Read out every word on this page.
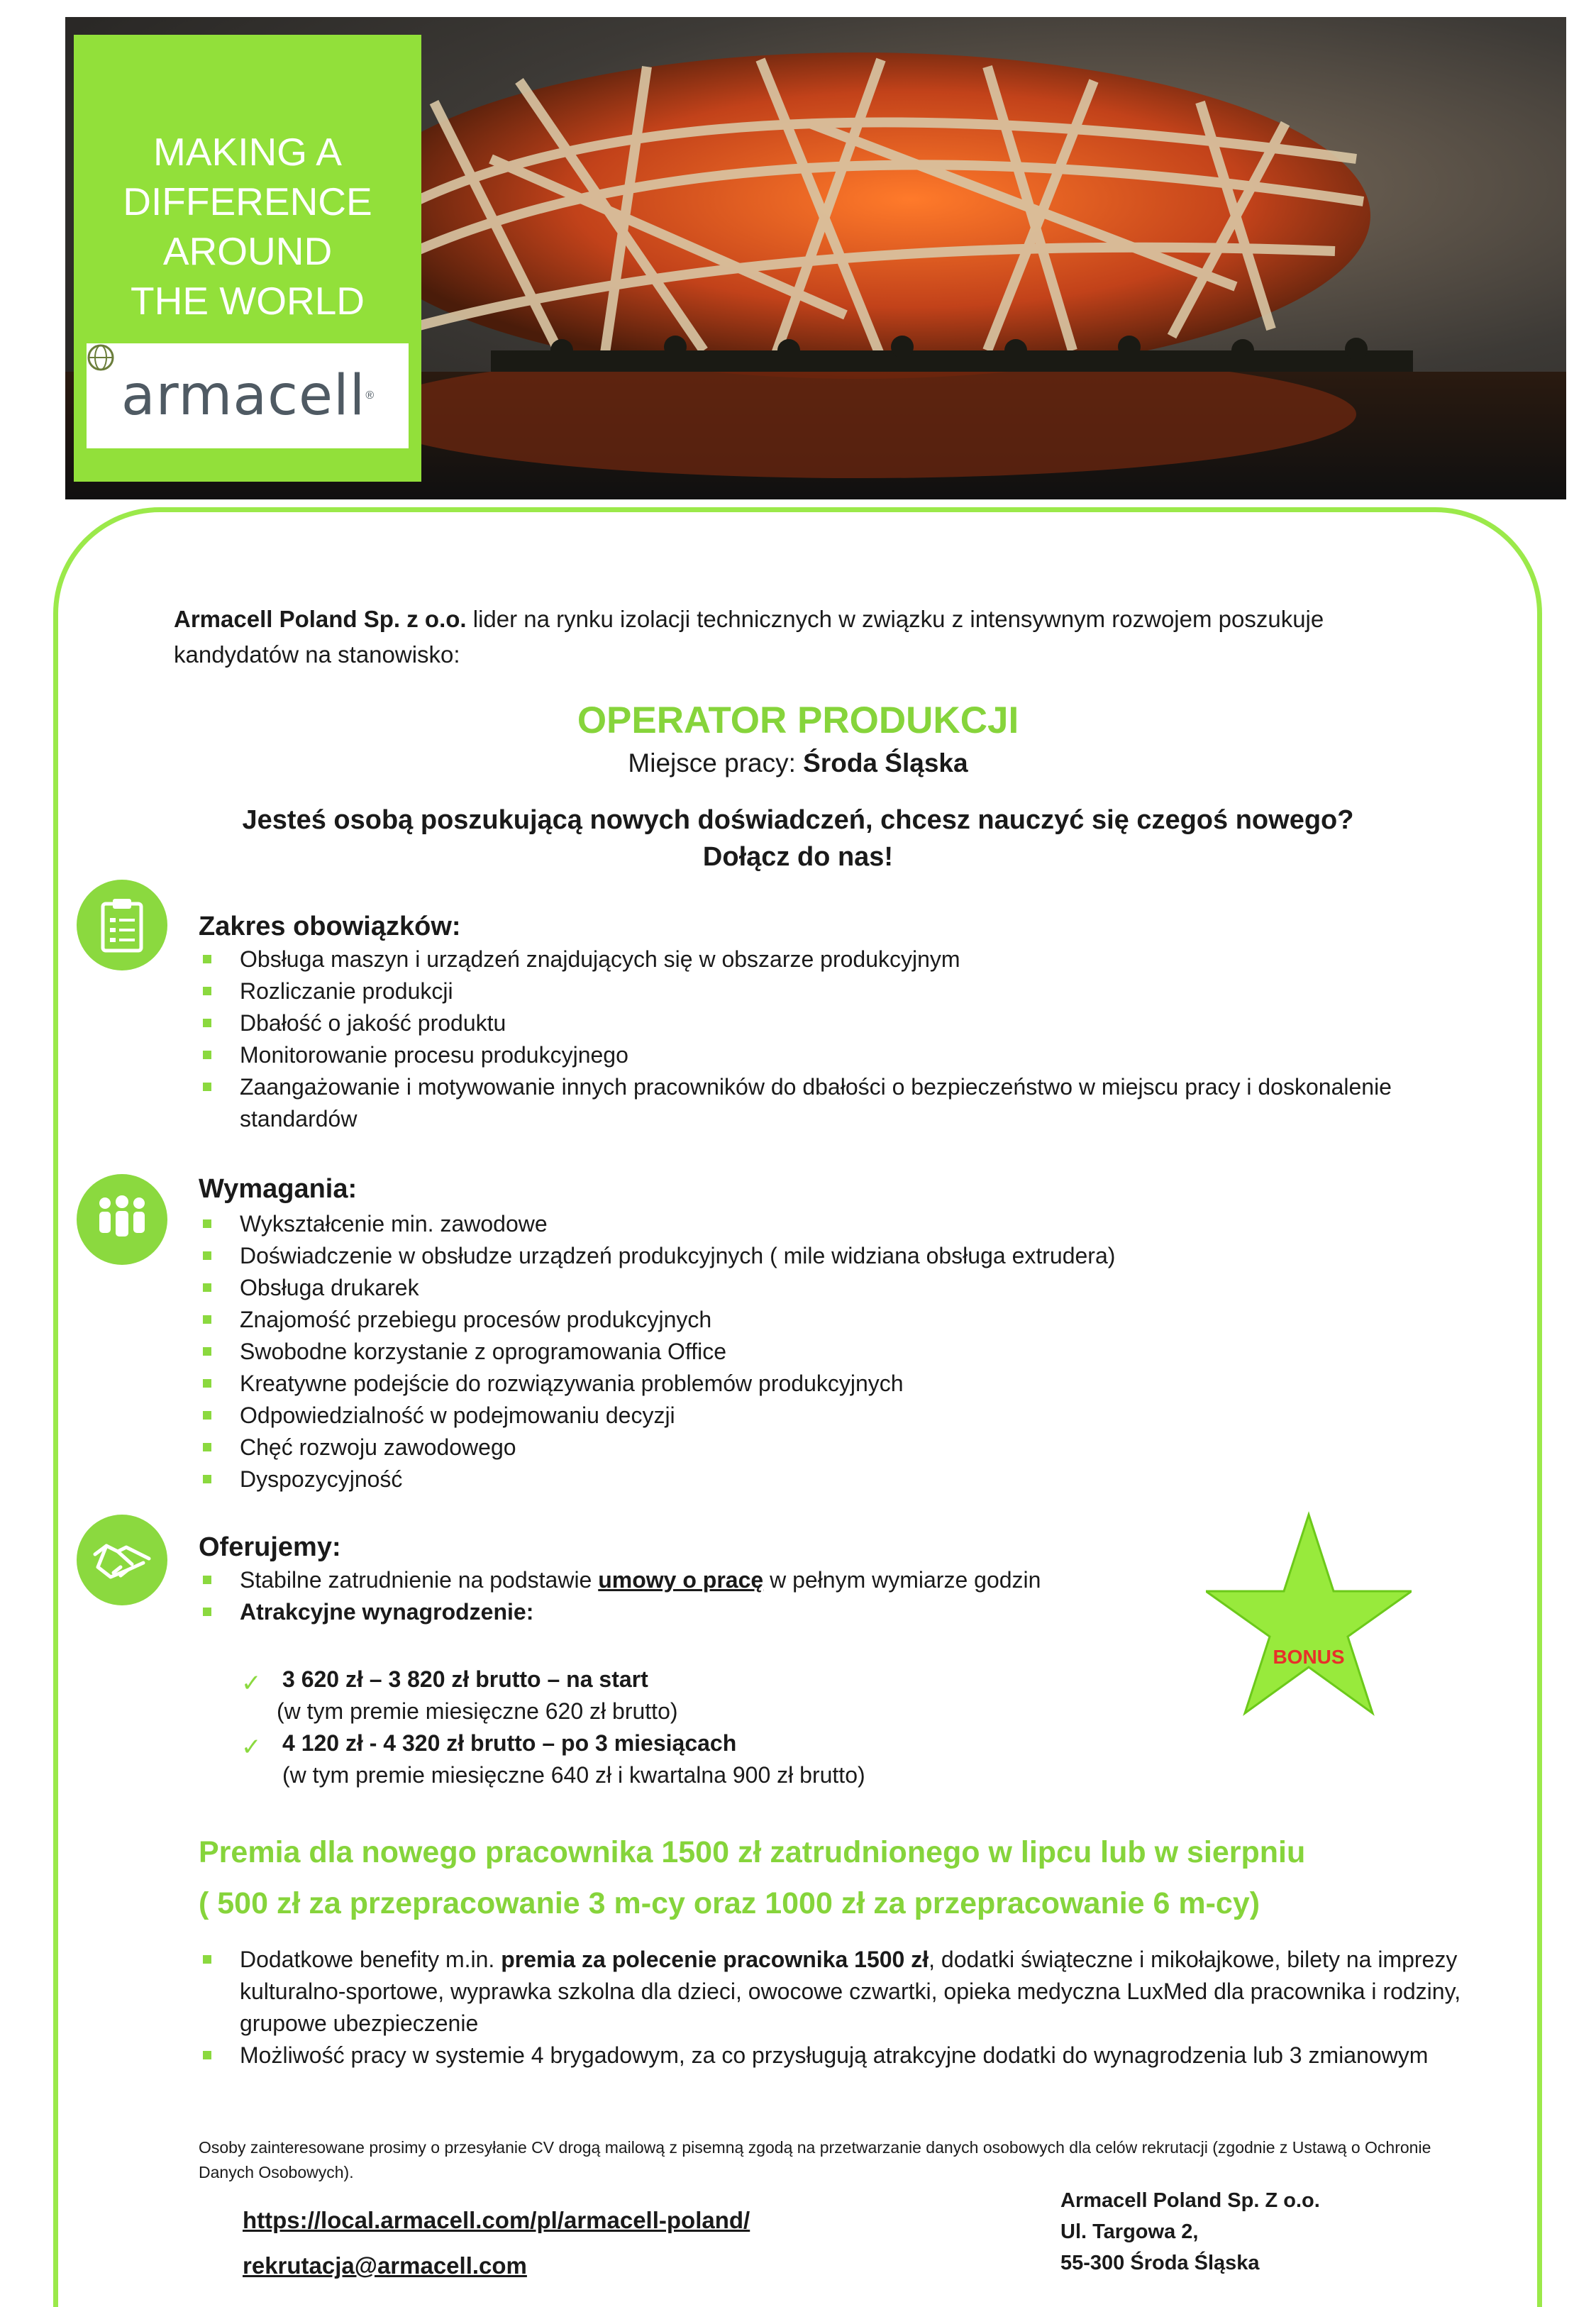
MAKING A
DIFFERENCE
AROUND
THE WORLD
armacell ®
Armacell Poland Sp. z o.o. lider na rynku izolacji technicznych w związku z intensywnym rozwojem poszukuje kandydatów na stanowisko:
OPERATOR PRODUKCJI
Miejsce pracy: Środa Śląska
Jesteś osobą poszukującą nowych doświadczeń, chcesz nauczyć się czegoś nowego?
Dołącz do nas!
Zakres obowiązków:
Obsługa maszyn i urządzeń znajdujących się w obszarze produkcyjnym
Rozliczanie produkcji
Dbałość o jakość produktu
Monitorowanie procesu produkcyjnego
Zaangażowanie i motywowanie innych pracowników do dbałości o bezpieczeństwo w miejscu pracy i doskonalenie standardów
Wymagania:
Wykształcenie min. zawodowe
Doświadczenie w obsłudze urządzeń produkcyjnych ( mile widziana obsługa extrudera)
Obsługa drukarek
Znajomość przebiegu procesów produkcyjnych
Swobodne korzystanie z oprogramowania Office
Kreatywne podejście do rozwiązywania problemów produkcyjnych
Odpowiedzialność w podejmowaniu decyzji
Chęć rozwoju zawodowego
Dyspozycyjność
Oferujemy:
Stabilne zatrudnienie na podstawie umowy o pracę w pełnym wymiarze godzin
Atrakcyjne wynagrodzenie:
✓ 3 620 zł – 3 820 zł brutto – na start
(w tym premie miesięczne 620 zł brutto)
✓ 4 120 zł - 4 320 zł brutto – po 3 miesiącach
(w tym premie miesięczne 640 zł i kwartalna 900 zł brutto)
BONUS
Premia dla nowego pracownika 1500 zł zatrudnionego w lipcu lub w sierpniu
( 500 zł za przepracowanie 3 m-cy oraz 1000 zł za przepracowanie 6 m-cy)
Dodatkowe benefity m.in. premia za polecenie pracownika 1500 zł, dodatki świąteczne i mikołajkowe, bilety na imprezy kulturalno-sportowe, wyprawka szkolna dla dzieci, owocowe czwartki, opieka medyczna LuxMed dla pracownika i rodziny, grupowe ubezpieczenie
Możliwość pracy w systemie 4 brygadowym, za co przysługują atrakcyjne dodatki do wynagrodzenia lub 3 zmianowym
Osoby zainteresowane prosimy o przesyłanie CV drogą mailową z pisemną zgodą na przetwarzanie danych osobowych dla celów rekrutacji (zgodnie z Ustawą o Ochronie Danych Osobowych).
https://local.armacell.com/pl/armacell-poland/
rekrutacja@armacell.com
Armacell Poland Sp. Z o.o.
Ul. Targowa 2,
55-300 Środa Śląska
